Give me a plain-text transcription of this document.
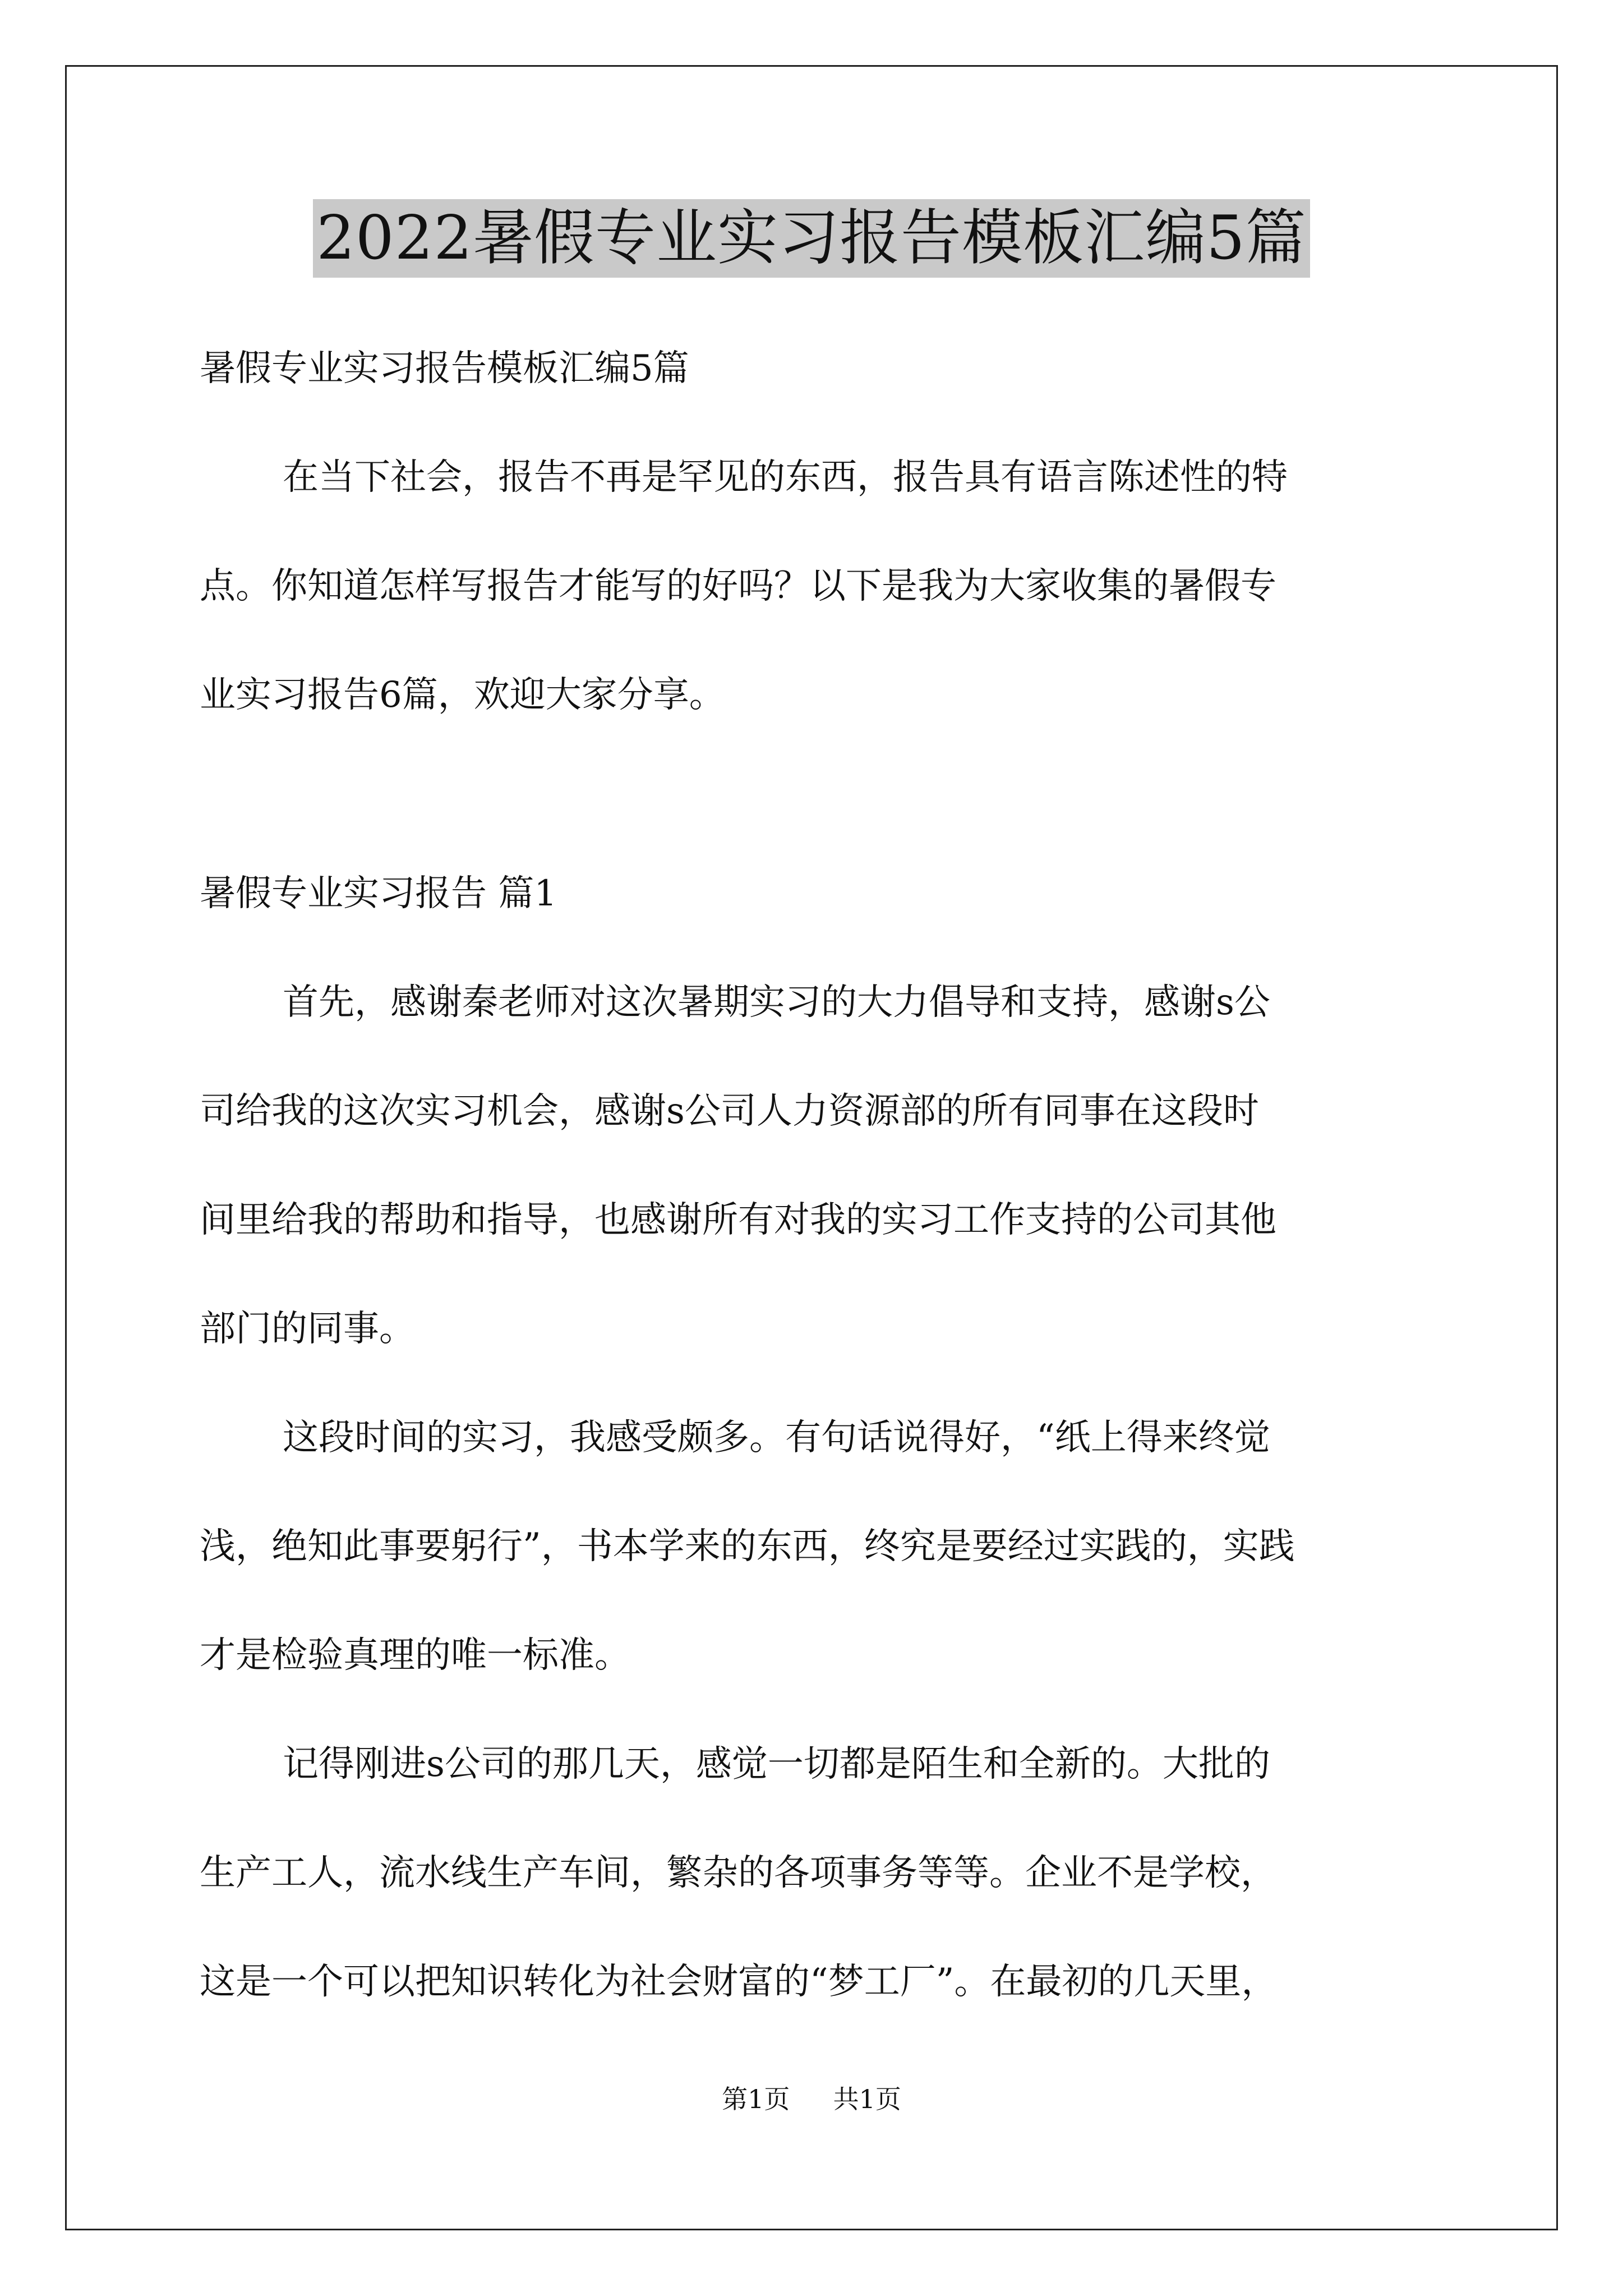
2022暑假专业实习报告模板汇编5篇
暑假专业实习报告模板汇编5篇
在当下社会，报告不再是罕见的东西，报告具有语言陈述性的特
点。你知道怎样写报告才能写的好吗？以下是我为大家收集的暑假专
业实习报告6篇，欢迎大家分享。
暑假专业实习报告 篇1
首先，感谢秦老师对这次暑期实习的大力倡导和支持，感谢s公
司给我的这次实习机会，感谢s公司人力资源部的所有同事在这段时
间里给我的帮助和指导，也感谢所有对我的实习工作支持的公司其他
部门的同事。
这段时间的实习，我感受颇多。有句话说得好，“纸上得来终觉
浅，绝知此事要躬行”，书本学来的东西，终究是要经过实践的，实践
才是检验真理的唯一标准。
记得刚进s公司的那几天，感觉一切都是陌生和全新的。大批的
生产工人，流水线生产车间，繁杂的各项事务等等。企业不是学校，
这是一个可以把知识转化为社会财富的“梦工厂”。在最初的几天里，
第1页 共1页
